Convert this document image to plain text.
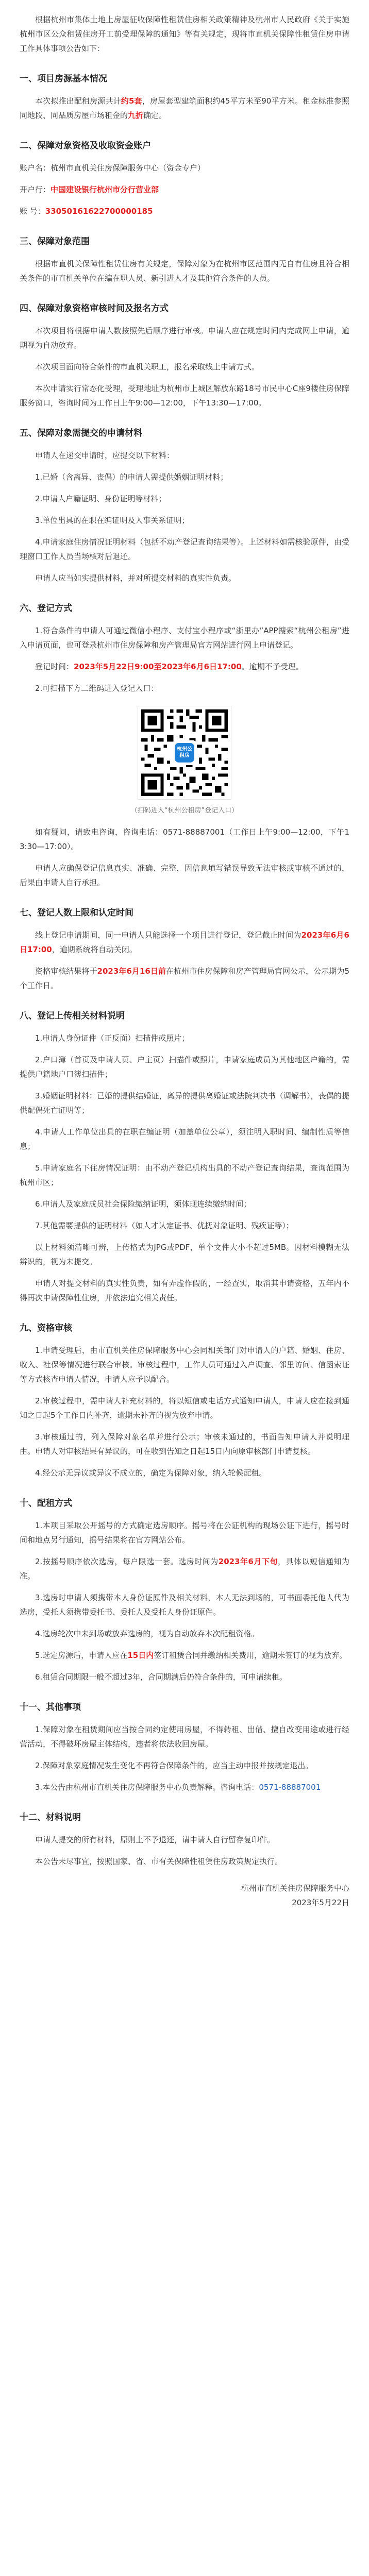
根据杭州市集体土地上房屋征收保障性租赁住房相关政策精神及杭州市人民政府《关于实施杭州市区公众租赁住房开工前受理保障的通知》等有关规定，现将市直机关保障性租赁住房申请工作具体事项公告如下：

一、项目房源基本情况

本次拟推出配租房源共计约5套，房屋套型建筑面积约45平方米至90平方米。租金标准参照同地段、同品质房屋市场租金的九折确定。

二、保障对象资格及收取资金账户

账户名：杭州市直机关住房保障服务中心（资金专户）

开户行：中国建设银行杭州市分行营业部

账 号：33050161622700000185

三、保障对象范围

根据市直机关保障性租赁住房有关规定，保障对象为在杭州市区范围内无自有住房且符合相关条件的市直机关单位在编在职人员、新引进人才及其他符合条件的人员。

四、保障对象资格审核时间及报名方式

本次项目将根据申请人数按照先后顺序进行审核。申请人应在规定时间内完成网上申请，逾期视为自动放弃。

本次项目面向符合条件的市直机关职工，报名采取线上申请方式。

本次申请实行常态化受理，受理地址为杭州市上城区解放东路18号市民中心C座9楼住房保障服务窗口，咨询时间为工作日上午9:00—12:00，下午13:30—17:00。

五、保障对象需提交的申请材料

申请人在递交申请时，应提交以下材料：

1.已婚（含离异、丧偶）的申请人需提供婚姻证明材料；

2.申请人户籍证明、身份证明等材料；

3.单位出具的在职在编证明及人事关系证明；

4.申请家庭住房情况证明材料（包括不动产登记查询结果等）。上述材料如需核验原件，由受理窗口工作人员当场核对后退还。

申请人应当如实提供材料，并对所提交材料的真实性负责。

六、登记方式

1.符合条件的申请人可通过微信小程序、支付宝小程序或“浙里办”APP搜索“杭州公租房”进入申请页面，也可登录杭州市住房保障和房产管理局官方网站进行网上申请登记。

登记时间：2023年5月22日9:00至2023年6月6日17:00。逾期不予受理。

2.可扫描下方二维码进入登记入口：

杭州公租房
（扫码进入“杭州公租房”登记入口）

如有疑问，请致电咨询，咨询电话：0571-88887001（工作日上午9:00—12:00，下午13:30—17:00）。

申请人应确保登记信息真实、准确、完整，因信息填写错误导致无法审核或审核不通过的，后果由申请人自行承担。

七、登记人数上限和认定时间

线上登记申请期间，同一申请人只能选择一个项目进行登记，登记截止时间为2023年6月6日17:00，逾期系统将自动关闭。

资格审核结果将于2023年6月16日前在杭州市住房保障和房产管理局官网公示，公示期为5个工作日。

八、登记上传相关材料说明

1.申请人身份证件（正反面）扫描件或照片；

2.户口簿（首页及申请人页、户主页）扫描件或照片，申请家庭成员为其他地区户籍的，需提供户籍地户口簿扫描件；

3.婚姻证明材料：已婚的提供结婚证，离异的提供离婚证或法院判决书（调解书），丧偶的提供配偶死亡证明等；

4.申请人工作单位出具的在职在编证明（加盖单位公章），须注明入职时间、编制性质等信息；

5.申请家庭名下住房情况证明：由不动产登记机构出具的不动产登记查询结果，查询范围为杭州市区；

6.申请人及家庭成员社会保险缴纳证明，须体现连续缴纳时间；

7.其他需要提供的证明材料（如人才认定证书、优抚对象证明、残疾证等）；

以上材料须清晰可辨，上传格式为JPG或PDF，单个文件大小不超过5MB。因材料模糊无法辨识的，视为未提交。

申请人对提交材料的真实性负责，如有弄虚作假的，一经查实，取消其申请资格，五年内不得再次申请保障性住房，并依法追究相关责任。

九、资格审核

1.申请受理后，由市直机关住房保障服务中心会同相关部门对申请人的户籍、婚姻、住房、收入、社保等情况进行联合审核。审核过程中，工作人员可通过入户调查、邻里访问、信函索证等方式核查申请人情况，申请人应予以配合。

2.审核过程中，需申请人补充材料的，将以短信或电话方式通知申请人，申请人应在接到通知之日起5个工作日内补齐，逾期未补齐的视为放弃申请。

3.审核通过的，列入保障对象名单并进行公示；审核未通过的，书面告知申请人并说明理由。申请人对审核结果有异议的，可在收到告知之日起15日内向原审核部门申请复核。

4.经公示无异议或异议不成立的，确定为保障对象，纳入轮候配租。

十、配租方式

1.本项目采取公开摇号的方式确定选房顺序。摇号将在公证机构的现场公证下进行，摇号时间和地点另行通知，摇号结果将在官方网站公布。

2.按摇号顺序依次选房，每户限选一套。选房时间为2023年6月下旬，具体以短信通知为准。

3.选房时申请人须携带本人身份证原件及相关材料，本人无法到场的，可书面委托他人代为选房，受托人须携带委托书、委托人及受托人身份证原件。

4.选房轮次中未到场或放弃选房的，视为自动放弃本次配租资格。

5.选定房源后，申请人应在15日内签订租赁合同并缴纳相关费用，逾期未签订的视为放弃。

6.租赁合同期限一般不超过3年，合同期满后仍符合条件的，可申请续租。

十一、其他事项

1.保障对象在租赁期间应当按合同约定使用房屋，不得转租、出借、擅自改变用途或进行经营活动，不得破坏房屋主体结构，违者将依法收回房屋。

2.保障对象家庭情况发生变化不再符合保障条件的，应当主动申报并按规定退出。

3.本公告由杭州市直机关住房保障服务中心负责解释。咨询电话：0571-88887001

十二、材料说明

申请人提交的所有材料，原则上不予退还，请申请人自行留存复印件。

本公告未尽事宜，按照国家、省、市有关保障性租赁住房政策规定执行。

杭州市直机关住房保障服务中心

2023年5月22日
